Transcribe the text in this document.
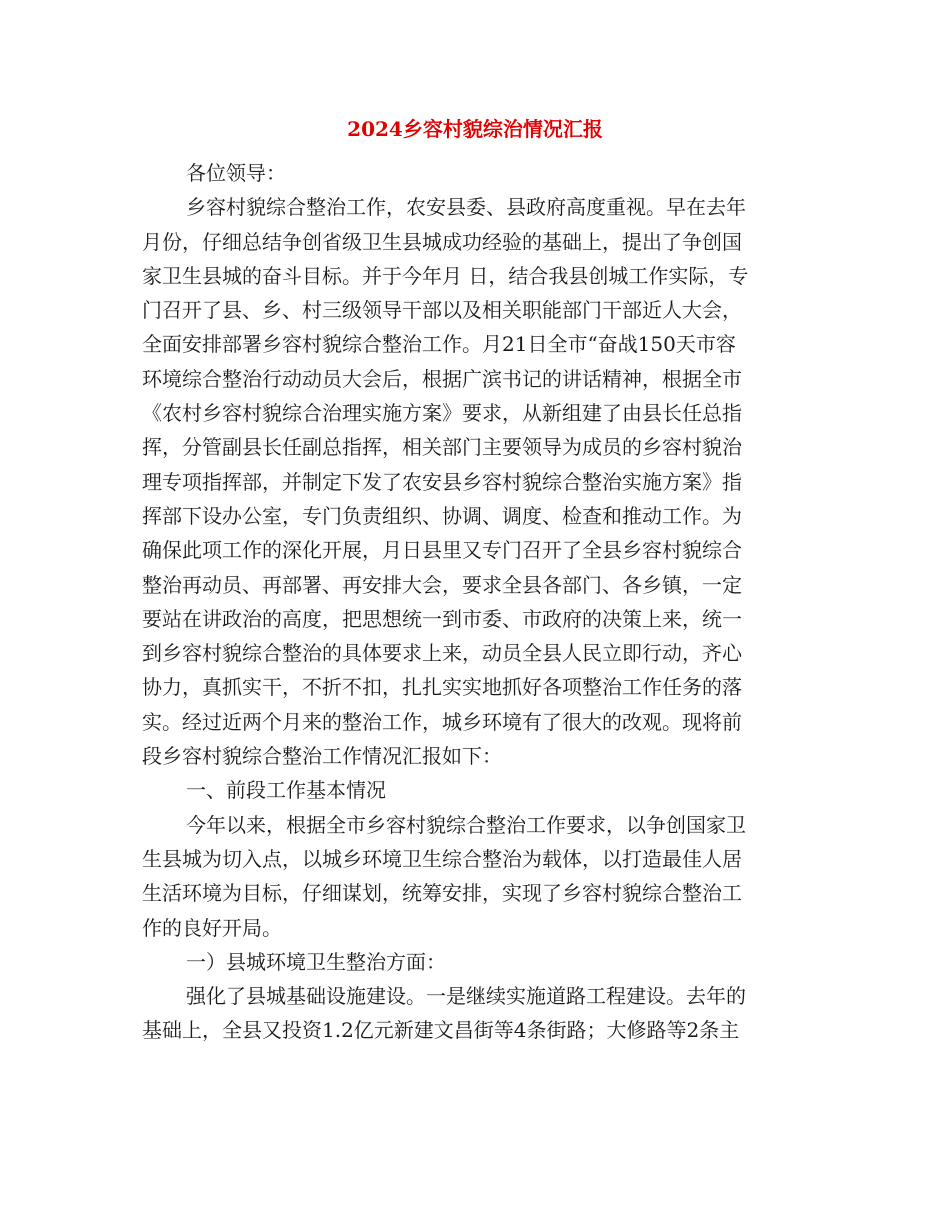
2024乡容村貌综治情况汇报
各位领导：
乡容村貌综合整治工作，农安县委、县政府高度重视。早在去年
月份，仔细总结争创省级卫生县城成功经验的基础上，提出了争创国
家卫生县城的奋斗目标。并于今年月 日，结合我县创城工作实际，专
门召开了县、乡、村三级领导干部以及相关职能部门干部近人大会，
全面安排部署乡容村貌综合整治工作。月21日全市“奋战150天市容
环境综合整治行动动员大会后，根据广滨书记的讲话精神，根据全市
《农村乡容村貌综合治理实施方案》要求，从新组建了由县长任总指
挥，分管副县长任副总指挥，相关部门主要领导为成员的乡容村貌治
理专项指挥部，并制定下发了农安县乡容村貌综合整治实施方案》指
挥部下设办公室，专门负责组织、协调、调度、检查和推动工作。为
确保此项工作的深化开展，月日县里又专门召开了全县乡容村貌综合
整治再动员、再部署、再安排大会，要求全县各部门、各乡镇，一定
要站在讲政治的高度，把思想统一到市委、市政府的决策上来，统一
到乡容村貌综合整治的具体要求上来，动员全县人民立即行动，齐心
协力，真抓实干，不折不扣，扎扎实实地抓好各项整治工作任务的落
实。经过近两个月来的整治工作，城乡环境有了很大的改观。现将前
段乡容村貌综合整治工作情况汇报如下：
一、前段工作基本情况
今年以来，根据全市乡容村貌综合整治工作要求，以争创国家卫
生县城为切入点，以城乡环境卫生综合整治为载体，以打造最佳人居
生活环境为目标，仔细谋划，统筹安排，实现了乡容村貌综合整治工
作的良好开局。
一）县城环境卫生整治方面：
强化了县城基础设施建设。一是继续实施道路工程建设。去年的
基础上，全县又投资1.2亿元新建文昌街等4条街路；大修路等2条主
